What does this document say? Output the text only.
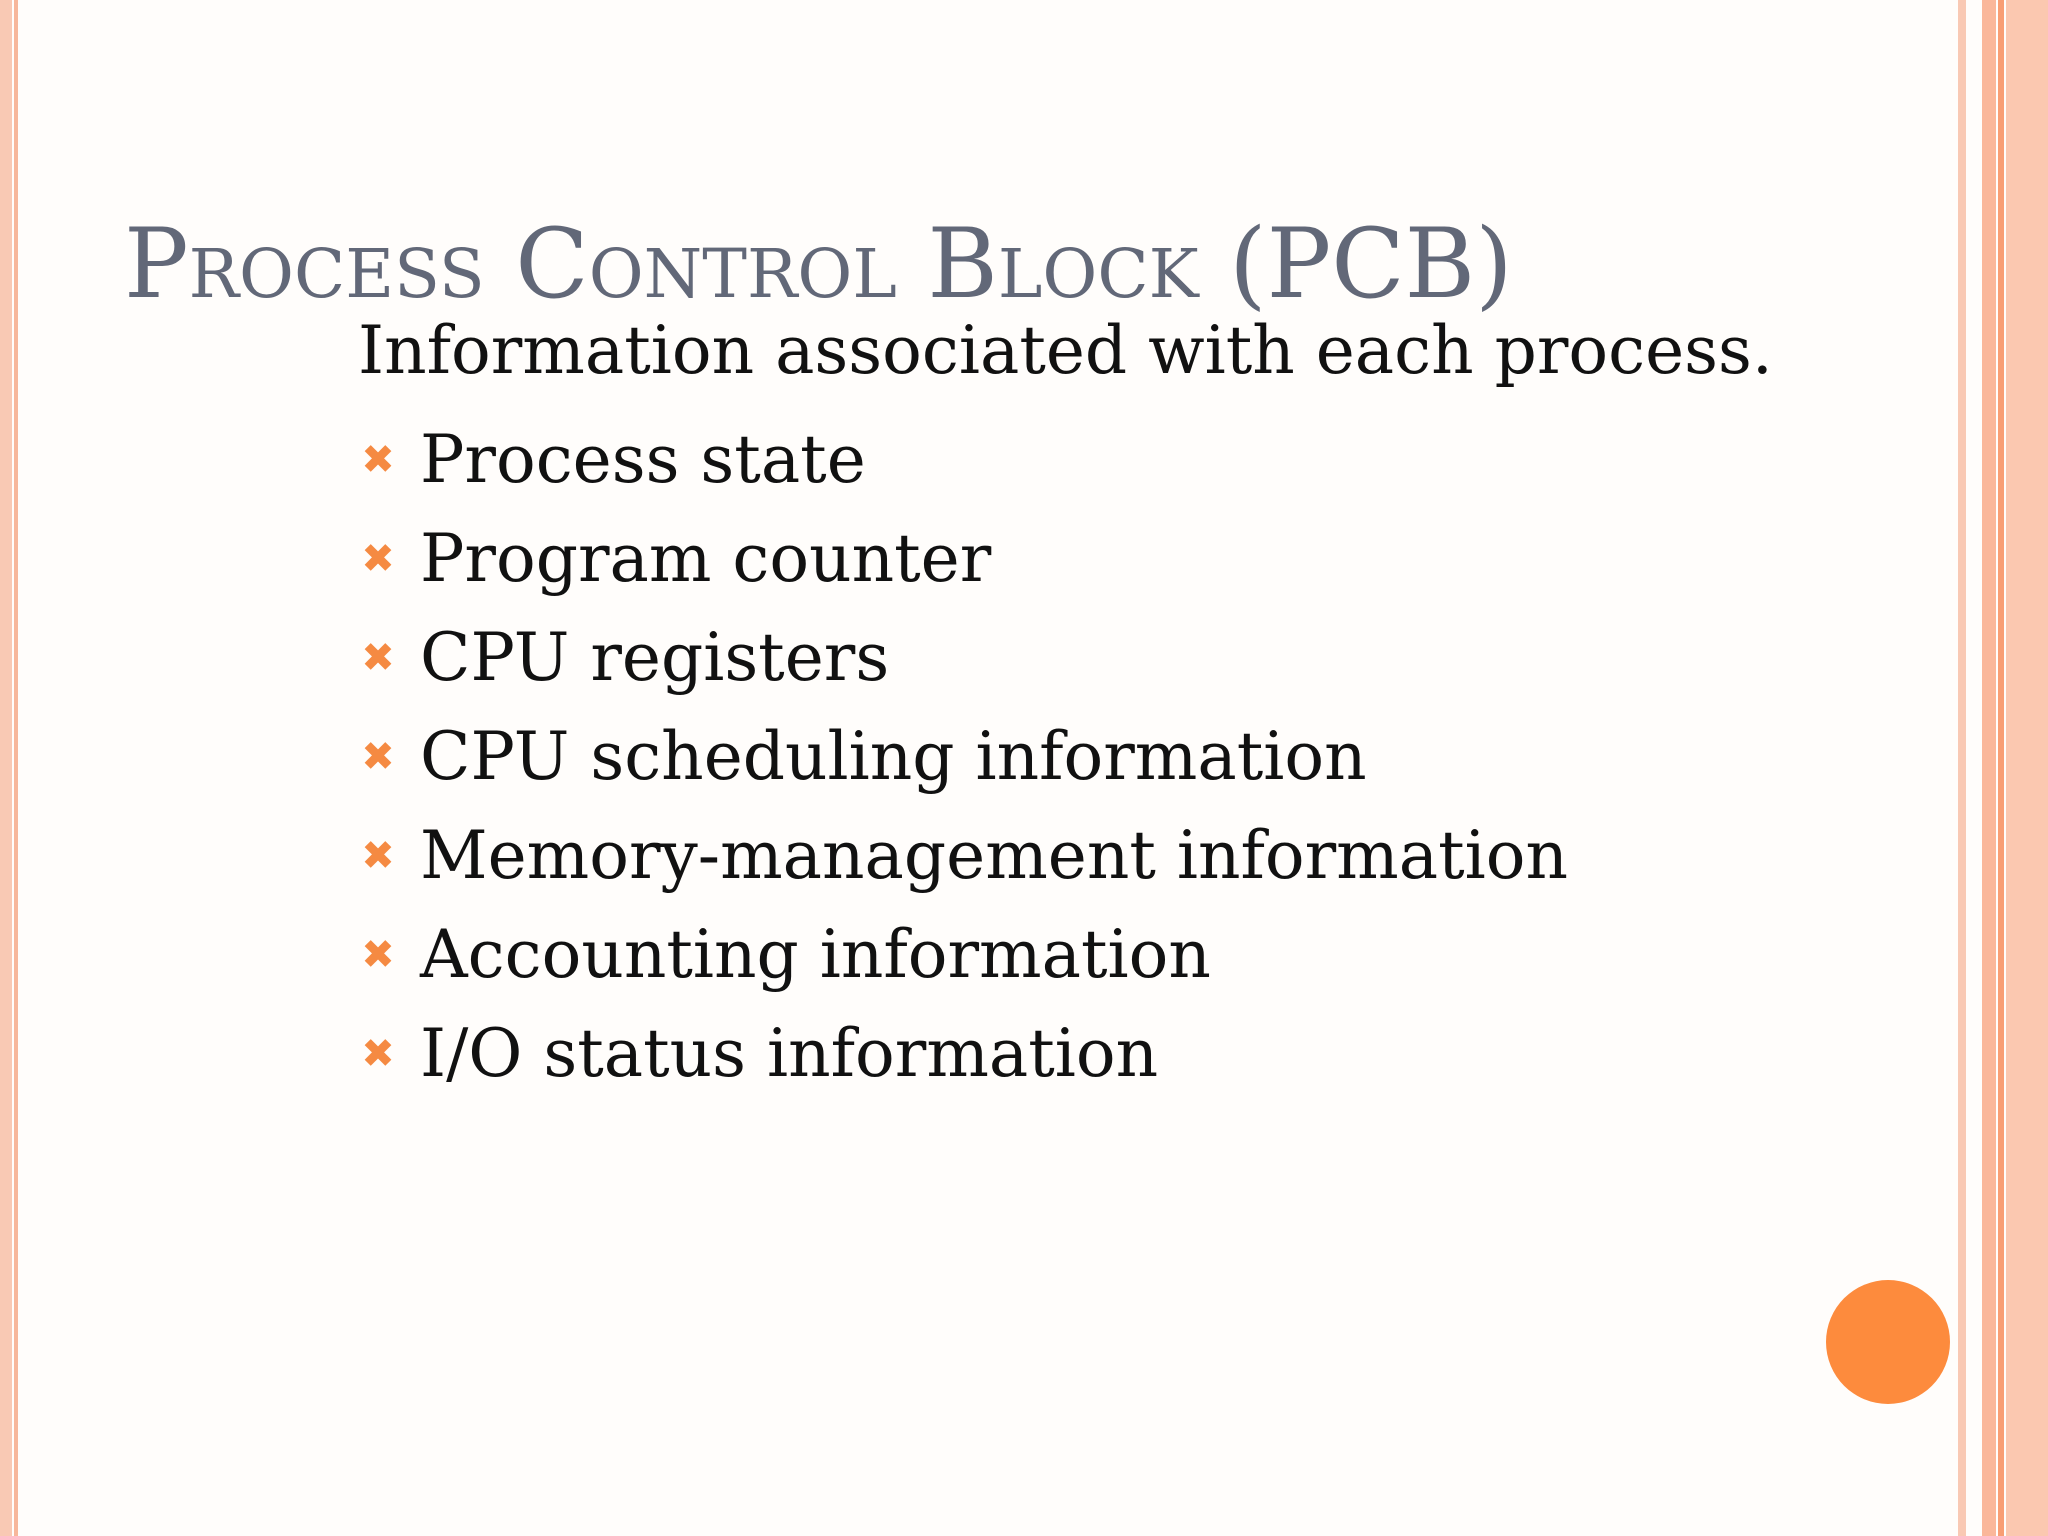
Process Control Block (PCB)

Information associated with each process.

✖ Process state
✖ Program counter
✖ CPU registers
✖ CPU scheduling information
✖ Memory-management information
✖ Accounting information
✖ I/O status information
